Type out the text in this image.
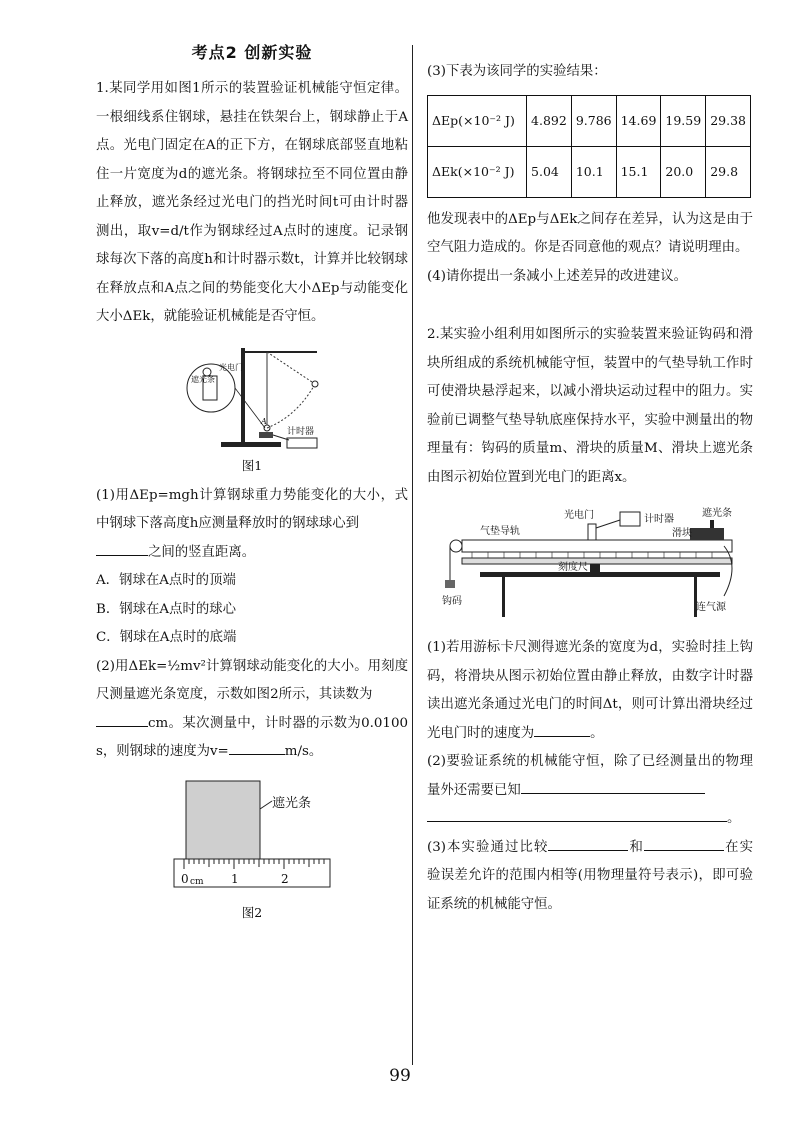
考点2 创新实验

1.某同学用如图1所示的装置验证机械能守恒定律。一根细线系住钢球，悬挂在铁架台上，钢球静止于A点。光电门固定在A的正下方，在钢球底部竖直地粘住一片宽度为d的遮光条。将钢球拉至不同位置由静止释放，遮光条经过光电门的挡光时间t可由计时器测出，取v=d/t作为钢球经过A点时的速度。记录钢球每次下落的高度h和计时器示数t，计算并比较钢球在释放点和A点之间的势能变化大小ΔEp与动能变化大小ΔEk，就能验证机械能是否守恒。

遮光条
光电门
计时器
A
图1

(1)用ΔEp=mgh计算钢球重力势能变化的大小，式中钢球下落高度h应测量释放时的钢球球心到
之间的竖直距离。

A．钢球在A点时的顶端

B．钢球在A点时的球心

C．钢球在A点时的底端

(2)用ΔEk=½mv²计算钢球动能变化的大小。用刻度尺测量遮光条宽度，示数如图2所示，其读数为
cm。某次测量中，计时器的示数为0.0100 s，则钢球的速度为v=	m/s。

0 cm 1	2
遮光条
图2

(3)下表为该同学的实验结果：

ΔEp(×10⁻² J)	4.892	9.786	14.69	19.59	29.38
ΔEk(×10⁻² J)	5.04	10.1	15.1	20.0	29.8

他发现表中的ΔEp与ΔEk之间存在差异，认为这是由于空气阻力造成的。你是否同意他的观点？请说明理由。

(4)请你提出一条减小上述差异的改进建议。

2.某实验小组利用如图所示的实验装置来验证钩码和滑块所组成的系统机械能守恒，装置中的气垫导轨工作时可使滑块悬浮起来，以减小滑块运动过程中的阻力。实验前已调整气垫导轨底座保持水平，实验中测量出的物理量有：钩码的质量m、滑块的质量M、滑块上遮光条由图示初始位置到光电门的距离x。

光电门	计时器
遮光条
气垫导轨	滑块
刻度尺
钩码
连气源

(1)若用游标卡尺测得遮光条的宽度为d，实验时挂上钩码，将滑块从图示初始位置由静止释放，由数字计时器读出遮光条通过光电门的时间Δt，则可计算出滑块经过光电门时的速度为	。

(2)要验证系统的机械能守恒，除了已经测量出的物理量外还需要已知
。

(3)本实验通过比较	和	在实验误差允许的范围内相等(用物理量符号表示)，即可验证系统的机械能守恒。

99
